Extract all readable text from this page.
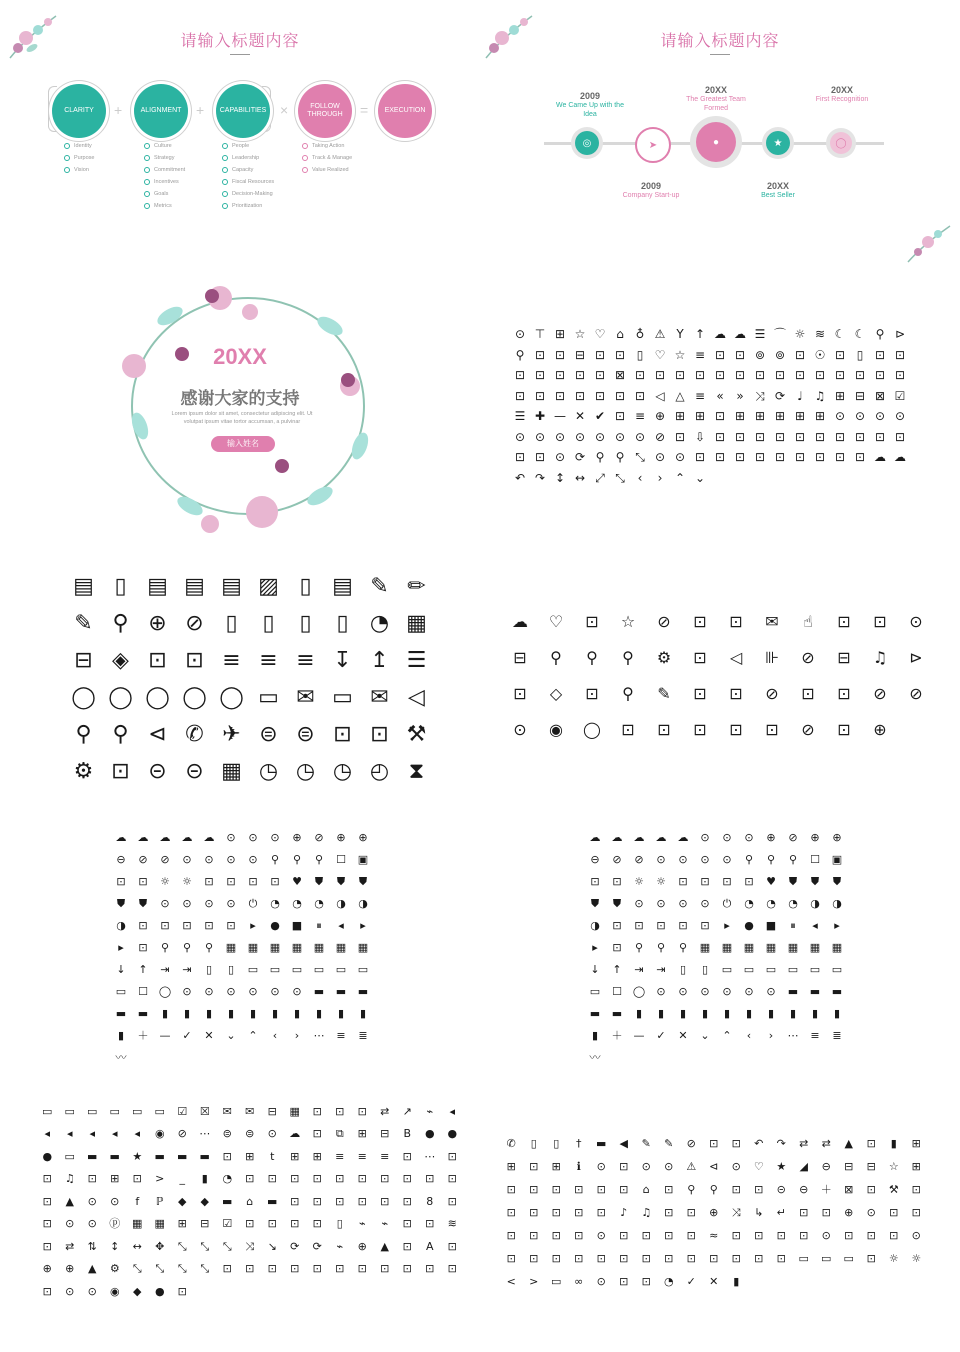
请输入标题内容
CLARITY	+	ALIGNMENT	+	CAPABILITIES ×	FOLLOW THROUGH	=	EXECUTION
Identity
Purpose
Vision
Culture
Strategy
Commitment
Incentives
Goals
Metrics
People
Leadership
Capacity
Fiscal Resources
Decision-Making
Prioritization
Taking Action
Track & Manage
Value Realized
请输入标题内容
◎	➤	●	★	◯
2009
We Came Up with the Idea
2009
Company Start-up
20XX
The Greatest Team Formed
20XX
Best Seller
20XX
First Recognition
20XX
感谢大家的支持
Lorem ipsum dolor sit amet, consectetur adipiscing elit. Ut volutpat ipsum vitae tortor accumsan, a pulvinar
输入姓名
⊙ ⊤ ⊞ ☆ ♡ ⌂ ♁ ⚠ Y ↑ ☁ ☁ ☰ ⌒ ☼ ≋ ☾ ☾ ⚲ ⊳
⚲ ⊡ ⊡ ⊟ ⊡ ⊡ ▯ ♡ ☆ ≡ ⊡ ⊡ ⊚ ⊚ ⊡ ☉ ⊡ ▯ ⊡ ⊡
⊡ ⊡ ⊡ ⊡ ⊡ ⊠ ⊡ ⊡ ⊡ ⊡ ⊡ ⊡ ⊡ ⊡ ⊡ ⊡ ⊡ ⊡ ⊡ ⊡
⊡ ⊡ ⊡ ⊡ ⊡ ⊡ ⊡ ◁ △ ≡ «	» ⤨ ⟳	♩ ♫ ⊞ ⊟ ⊠ ☑
☰ ✚ — ✕ ✔ ⊡ ≡ ⊕ ⊞ ⊞ ⊡ ⊞ ⊞ ⊞ ⊞ ⊞ ⊙ ⊙ ⊙ ⊙
⊙ ⊙ ⊙ ⊙ ⊙ ⊙ ⊙ ⊘ ⊡ ⇩ ⊡ ⊡ ⊡ ⊡ ⊡ ⊡ ⊡ ⊡ ⊡ ⊡
⊡ ⊡ ⊙ ⟳ ⚲ ⚲ ⤡ ⊙ ⊙ ⊡ ⊡ ⊡ ⊡ ⊡ ⊡ ⊡ ⊡ ⊡ ☁ ☁
↶ ↷ ↕ ↔ ⤢ ⤡	‹	›	⌃ ⌄
▤ ▯ ▤ ▤ ▤ ▨ ▯ ▤ ✎ ✏
✎ ⚲ ⊕ ⊘ ▯	▯	▯	▯ ◔ ▦
⊟ ◈ ⊡ ⊡ ≡ ≡ ≡ ↧ ↥ ☰
◯ ◯ ◯ ◯ ◯ ▭ ✉ ▭ ✉ ◁
⚲ ⚲ ⊲ ✆ ✈ ⊜ ⊜ ⊡ ⊡ ⚒
⚙ ⊡ ⊝ ⊝ ▦ ◷ ◷ ◷ ◴ ⧗
☁	♡	⊡	☆	⊘	⊡	⊡	✉	☝	⊡	⊡	⊙
⊟	⚲	⚲	⚲	⚙	⊡	◁	⊪	⊘	⊟	♫	⊳
⊡	◇	⊡	⚲	✎	⊡	⊡	⊘	⊡	⊡	⊘	⊘
⊙	◉	◯	⊡	⊡	⊡	⊡	⊡	⊘	⊡	⊕
☁	☁	☁	☁	☁	⊙	⊙	⊙	⊕	⊘	⊕	⊕
⊖	⊘	⊘	⊙	⊙	⊙	⊙	⚲	⚲	⚲	☐	▣
⊡	⊡	☼	☼	⊡	⊡	⊡	⊡	♥	⛊	⛊	⛊
⛊	⛊	⊙	⊙	⊙	⊙	⏻	◔	◔	◔	◑	◑
◑	⊡	⊡	⊡	⊡	⊡	▸	●	■	⏸	◂	▸
▸	⊡	⚲	⚲	⚲	▦	▦	▦	▦	▦	▦	▦
↓	↑	⇥	⇥	▯	▯	▭	▭	▭	▭	▭	▭
▭	☐ ◯	⊙	⊙	⊙	⊙	⊙	⊙	▬	▬	▬
▬	▬	▮	▮	▮	▮	▮	▮	▮	▮	▮	▮
▮	＋	—	✓	✕	⌄	⌃	‹	›	⋯	≡	≣
〰
☁	☁	☁	☁	☁	⊙	⊙	⊙	⊕	⊘	⊕	⊕
⊖	⊘	⊘	⊙	⊙	⊙	⊙	⚲	⚲	⚲	☐	▣
⊡	⊡	☼	☼	⊡	⊡	⊡	⊡	♥	⛊	⛊	⛊
⛊	⛊	⊙	⊙	⊙	⊙	⏻	◔	◔	◔	◑	◑
◑	⊡	⊡	⊡	⊡	⊡	▸	●	■	⏸	◂	▸
▸	⊡	⚲	⚲	⚲	▦	▦	▦	▦	▦	▦	▦
↓	↑	⇥	⇥	▯	▯	▭	▭	▭	▭	▭	▭
▭	☐ ◯	⊙	⊙	⊙	⊙	⊙	⊙	▬	▬	▬
▬	▬	▮	▮	▮	▮	▮	▮	▮	▮	▮	▮
▮	＋	—	✓	✕	⌄	⌃	‹	›	⋯	≡	≣
〰
▭	▭	▭	▭	▭	▭	☑	☒	✉	✉	⊟	▦	⊡	⊡	⊡	⇄	↗	⌁	◂
◂	◂	◂	◂	◂	◉	⊘	⋯	⊜	⊜	⊙	☁	⊡	⧉	⊞	⊟	B	●	●
●	▭	▬	▬	★	▬	▬	▬	⊡	⊞	t	⊞	⊞	≡	≡	≡	⊡	⋯	⊡
⊡	♫	⊡	⊞	⊡	>	_	▮	◔	⊡	⊡	⊡	⊡	⊡	⊡	⊡	⊡	⊡	⊡
⊡	▲	⊙	⊙	f	ℙ	◆	◆	▬	⌂	▬	⊡	⊡	⊡	⊡	⊡	⊡	8	⊡
⊡	⊙	⊙	ⓟ	▦	▦	⊞	⊟	☑	⊡	⊡	⊡	⊡	▯	⌁	⌁	⊡	⊡	≋
⊡	⇄	⇅	↕	↔	✥	⤡	⤡	⤡	⤨	↘	⟳	⟳	⌁	⊕	▲	⊡	A	⊡
⊕	⊕	▲	⚙	⤡	⤡	⤡	⤡	⊡	⊡	⊡	⊡	⊡	⊡	⊡	⊡	⊡	⊡	⊡
⊡	⊙	⊙	◉	◆	●	⊡
✆	▯	▯	†	▬	◀	✎	✎	⊘	⊡	⊡	↶	↷	⇄	⇄	▲	⊡	▮	⊞
⊞	⊡	⊞	ℹ	⊙	⊡	⊙	⊙	⚠	⊲	⊙	♡	★	◢	⊖	⊟	⊟	☆	⊞
⊡	⊡	⊡	⊡	⊡	⊡	⌂	⊡	⚲	⚲	⊡	⊡	⊝	⊖	＋	⊠	⊡	⚒	⊡
⊡	⊡	⊡	⊡	⊡	♪	♫	⊡	⊡	⊕	⤨	↳	↵	⊡	⊡	⊕	⊙	⊡	⊡
⊡	⊡	⊡	⊡	⊙	⊡	⊡	⊡	⊡	≈	⊡	⊡	⊡	⊡	⊙	⊡	⊡	⊡	⊙
⊡	⊡	⊡	⊡	⊡	⊡	⊡	⊡	⊡	⊡	⊡	⊡	⊡	▭	▭	▭	⊡	☼	☼
<	>	▭	∞	⊙	⊡	⊡	◔	✓	✕	▮
